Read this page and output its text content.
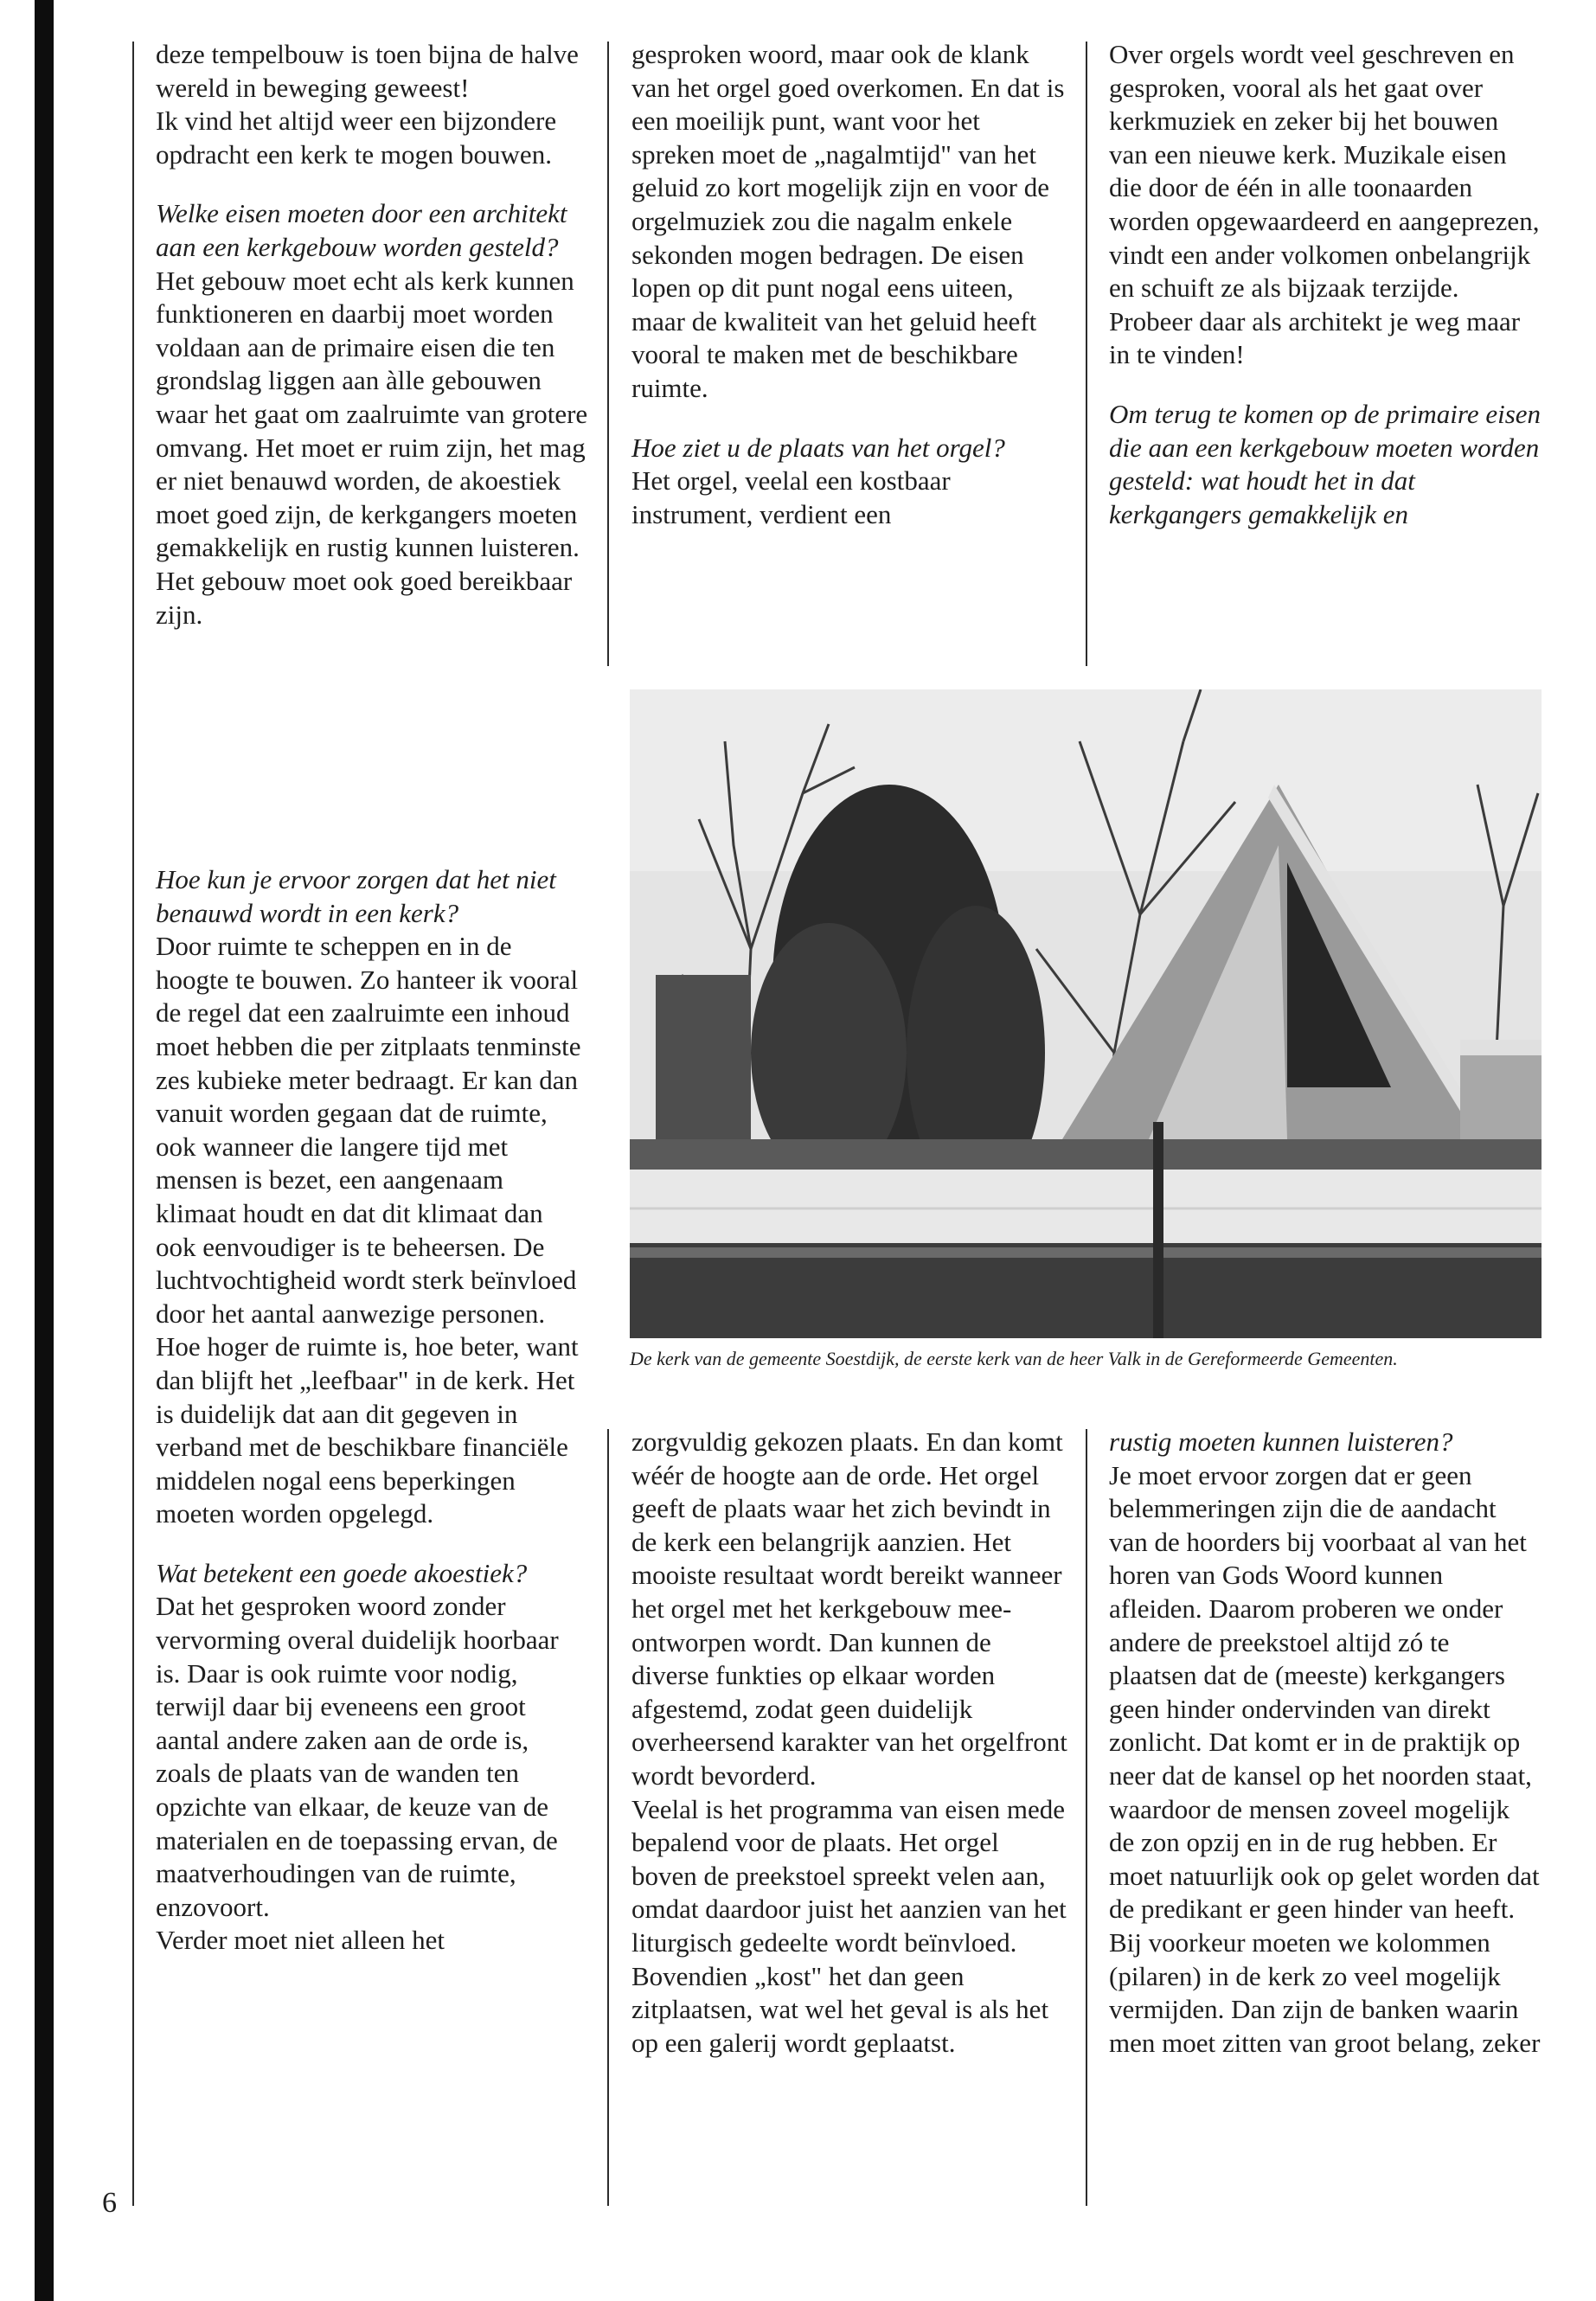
deze tempelbouw is toen bijna de halve wereld in beweging geweest!

Ik vind het altijd weer een bijzondere opdracht een kerk te mogen bouwen.

Welke eisen moeten door een architekt aan een kerkgebouw worden gesteld?

Het gebouw moet echt als kerk kunnen funktioneren en daarbij moet worden voldaan aan de primaire eisen die ten grondslag liggen aan àlle gebouwen waar het gaat om zaalruimte van grotere omvang. Het moet er ruim zijn, het mag er niet benauwd worden, de akoestiek moet goed zijn, de kerkgangers moeten gemakkelijk en rustig kunnen luisteren. Het gebouw moet ook goed bereikbaar zijn.

Hoe kun je ervoor zorgen dat het niet benauwd wordt in een kerk?

Door ruimte te scheppen en in de hoogte te bouwen. Zo hanteer ik vooral de regel dat een zaalruimte een inhoud moet hebben die per zitplaats tenminste zes kubieke meter bedraagt. Er kan dan vanuit worden gegaan dat de ruimte, ook wanneer die langere tijd met mensen is bezet, een aangenaam klimaat houdt en dat dit klimaat dan ook eenvoudiger is te beheersen. De luchtvochtigheid wordt sterk beïnvloed door het aantal aanwezige personen. Hoe hoger de ruimte is, hoe beter, want dan blijft het „leefbaar" in de kerk. Het is duidelijk dat aan dit gegeven in verband met de beschikbare financiële middelen nogal eens beperkingen moeten worden opgelegd.

Wat betekent een goede akoestiek?

Dat het gesproken woord zonder vervorming overal duidelijk hoorbaar is. Daar is ook ruimte voor nodig, terwijl daar bij eveneens een groot aantal andere zaken aan de orde is, zoals de plaats van de wanden ten opzichte van elkaar, de keuze van de materialen en de toepassing ervan, de maatverhoudingen van de ruimte, enzovoort.

Verder moet niet alleen het

gesproken woord, maar ook de klank van het orgel goed overkomen. En dat is een moeilijk punt, want voor het spreken moet de „nagalmtijd" van het geluid zo kort mogelijk zijn en voor de orgelmuziek zou die nagalm enkele sekonden mogen bedragen. De eisen lopen op dit punt nogal eens uiteen, maar de kwaliteit van het geluid heeft vooral te maken met de beschikbare ruimte.

Hoe ziet u de plaats van het orgel?

Het orgel, veelal een kostbaar instrument, verdient een

Over orgels wordt veel geschreven en gesproken, vooral als het gaat over kerkmuziek en zeker bij het bouwen van een nieuwe kerk. Muzikale eisen die door de één in alle toonaarden worden opgewaardeerd en aangeprezen, vindt een ander volkomen onbelangrijk en schuift ze als bijzaak terzijde. Probeer daar als architekt je weg maar in te vinden!

Om terug te komen op de primaire eisen die aan een kerkgebouw moeten worden gesteld: wat houdt het in dat kerkgangers gemakkelijk en

zorgvuldig gekozen plaats. En dan komt wéér de hoogte aan de orde. Het orgel geeft de plaats waar het zich bevindt in de kerk een belangrijk aanzien. Het mooiste resultaat wordt bereikt wanneer het orgel met het kerkgebouw mee-ontworpen wordt. Dan kunnen de diverse funkties op elkaar worden afgestemd, zodat geen duidelijk overheersend karakter van het orgelfront wordt bevorderd.

Veelal is het programma van eisen mede bepalend voor de plaats. Het orgel boven de preekstoel spreekt velen aan, omdat daardoor juist het aanzien van het liturgisch gedeelte wordt beïnvloed. Bovendien „kost" het dan geen zitplaatsen, wat wel het geval is als het op een galerij wordt geplaatst.

rustig moeten kunnen luisteren?

Je moet ervoor zorgen dat er geen belemmeringen zijn die de aandacht van de hoorders bij voorbaat al van het horen van Gods Woord kunnen afleiden. Daarom proberen we onder andere de preekstoel altijd zó te plaatsen dat de (meeste) kerkgangers geen hinder ondervinden van direkt zonlicht. Dat komt er in de praktijk op neer dat de kansel op het noorden staat, waardoor de mensen zoveel mogelijk de zon opzij en in de rug hebben. Er moet natuurlijk ook op gelet worden dat de predikant er geen hinder van heeft. Bij voorkeur moeten we kolommen (pilaren) in de kerk zo veel mogelijk vermijden. Dan zijn de banken waarin men moet zitten van groot belang, zeker

6
De kerk van de gemeente Soestdijk, de eerste kerk van de heer Valk in de Gereformeerde Gemeenten.
